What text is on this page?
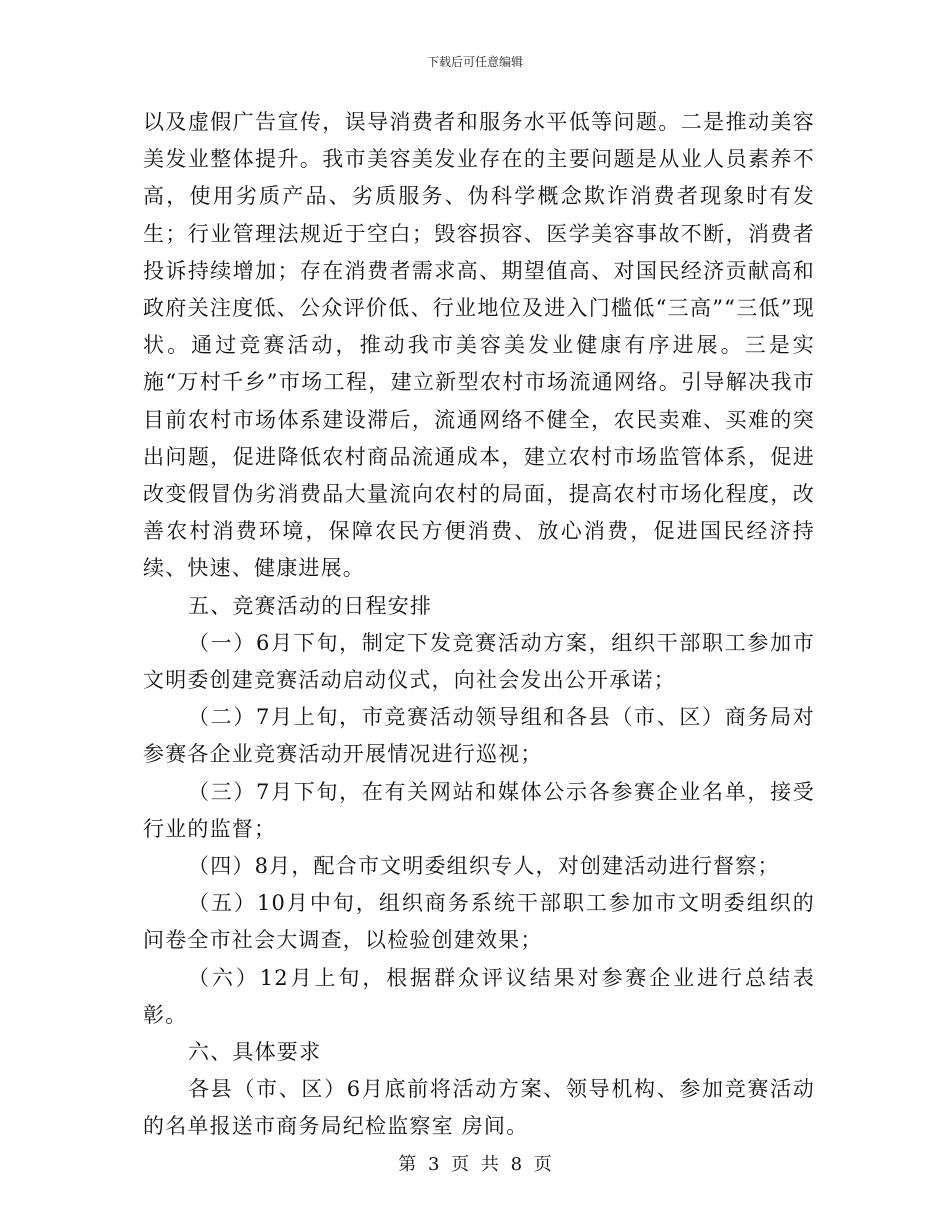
下载后可任意编辑

以及虚假广告宣传，误导消费者和服务水平低等问题。二是推动美容美发业整体提升。我市美容美发业存在的主要问题是从业人员素养不高，使用劣质产品、劣质服务、伪科学概念欺诈消费者现象时有发生；行业管理法规近于空白；毁容损容、医学美容事故不断，消费者投诉持续增加；存在消费者需求高、期望值高、对国民经济贡献高和政府关注度低、公众评价低、行业地位及进入门槛低“三高”“三低”现状。通过竞赛活动，推动我市美容美发业健康有序进展。三是实施“万村千乡”市场工程，建立新型农村市场流通网络。引导解决我市目前农村市场体系建设滞后，流通网络不健全，农民卖难、买难的突出问题，促进降低农村商品流通成本，建立农村市场监管体系，促进改变假冒伪劣消费品大量流向农村的局面，提高农村市场化程度，改善农村消费环境，保障农民方便消费、放心消费，促进国民经济持续、快速、健康进展。

五、竞赛活动的日程安排

（一）6月下旬，制定下发竞赛活动方案，组织干部职工参加市文明委创建竞赛活动启动仪式，向社会发出公开承诺；

（二）7月上旬，市竞赛活动领导组和各县（市、区）商务局对参赛各企业竞赛活动开展情况进行巡视；

（三）7月下旬，在有关网站和媒体公示各参赛企业名单，接受行业的监督；

（四）8月，配合市文明委组织专人，对创建活动进行督察；

（五）10月中旬，组织商务系统干部职工参加市文明委组织的问卷全市社会大调查，以检验创建效果；

（六）12月上旬，根据群众评议结果对参赛企业进行总结表彰。

六、具体要求

各县（市、区）6月底前将活动方案、领导机构、参加竞赛活动的名单报送市商务局纪检监察室 房间。

第 3 页 共 8 页
